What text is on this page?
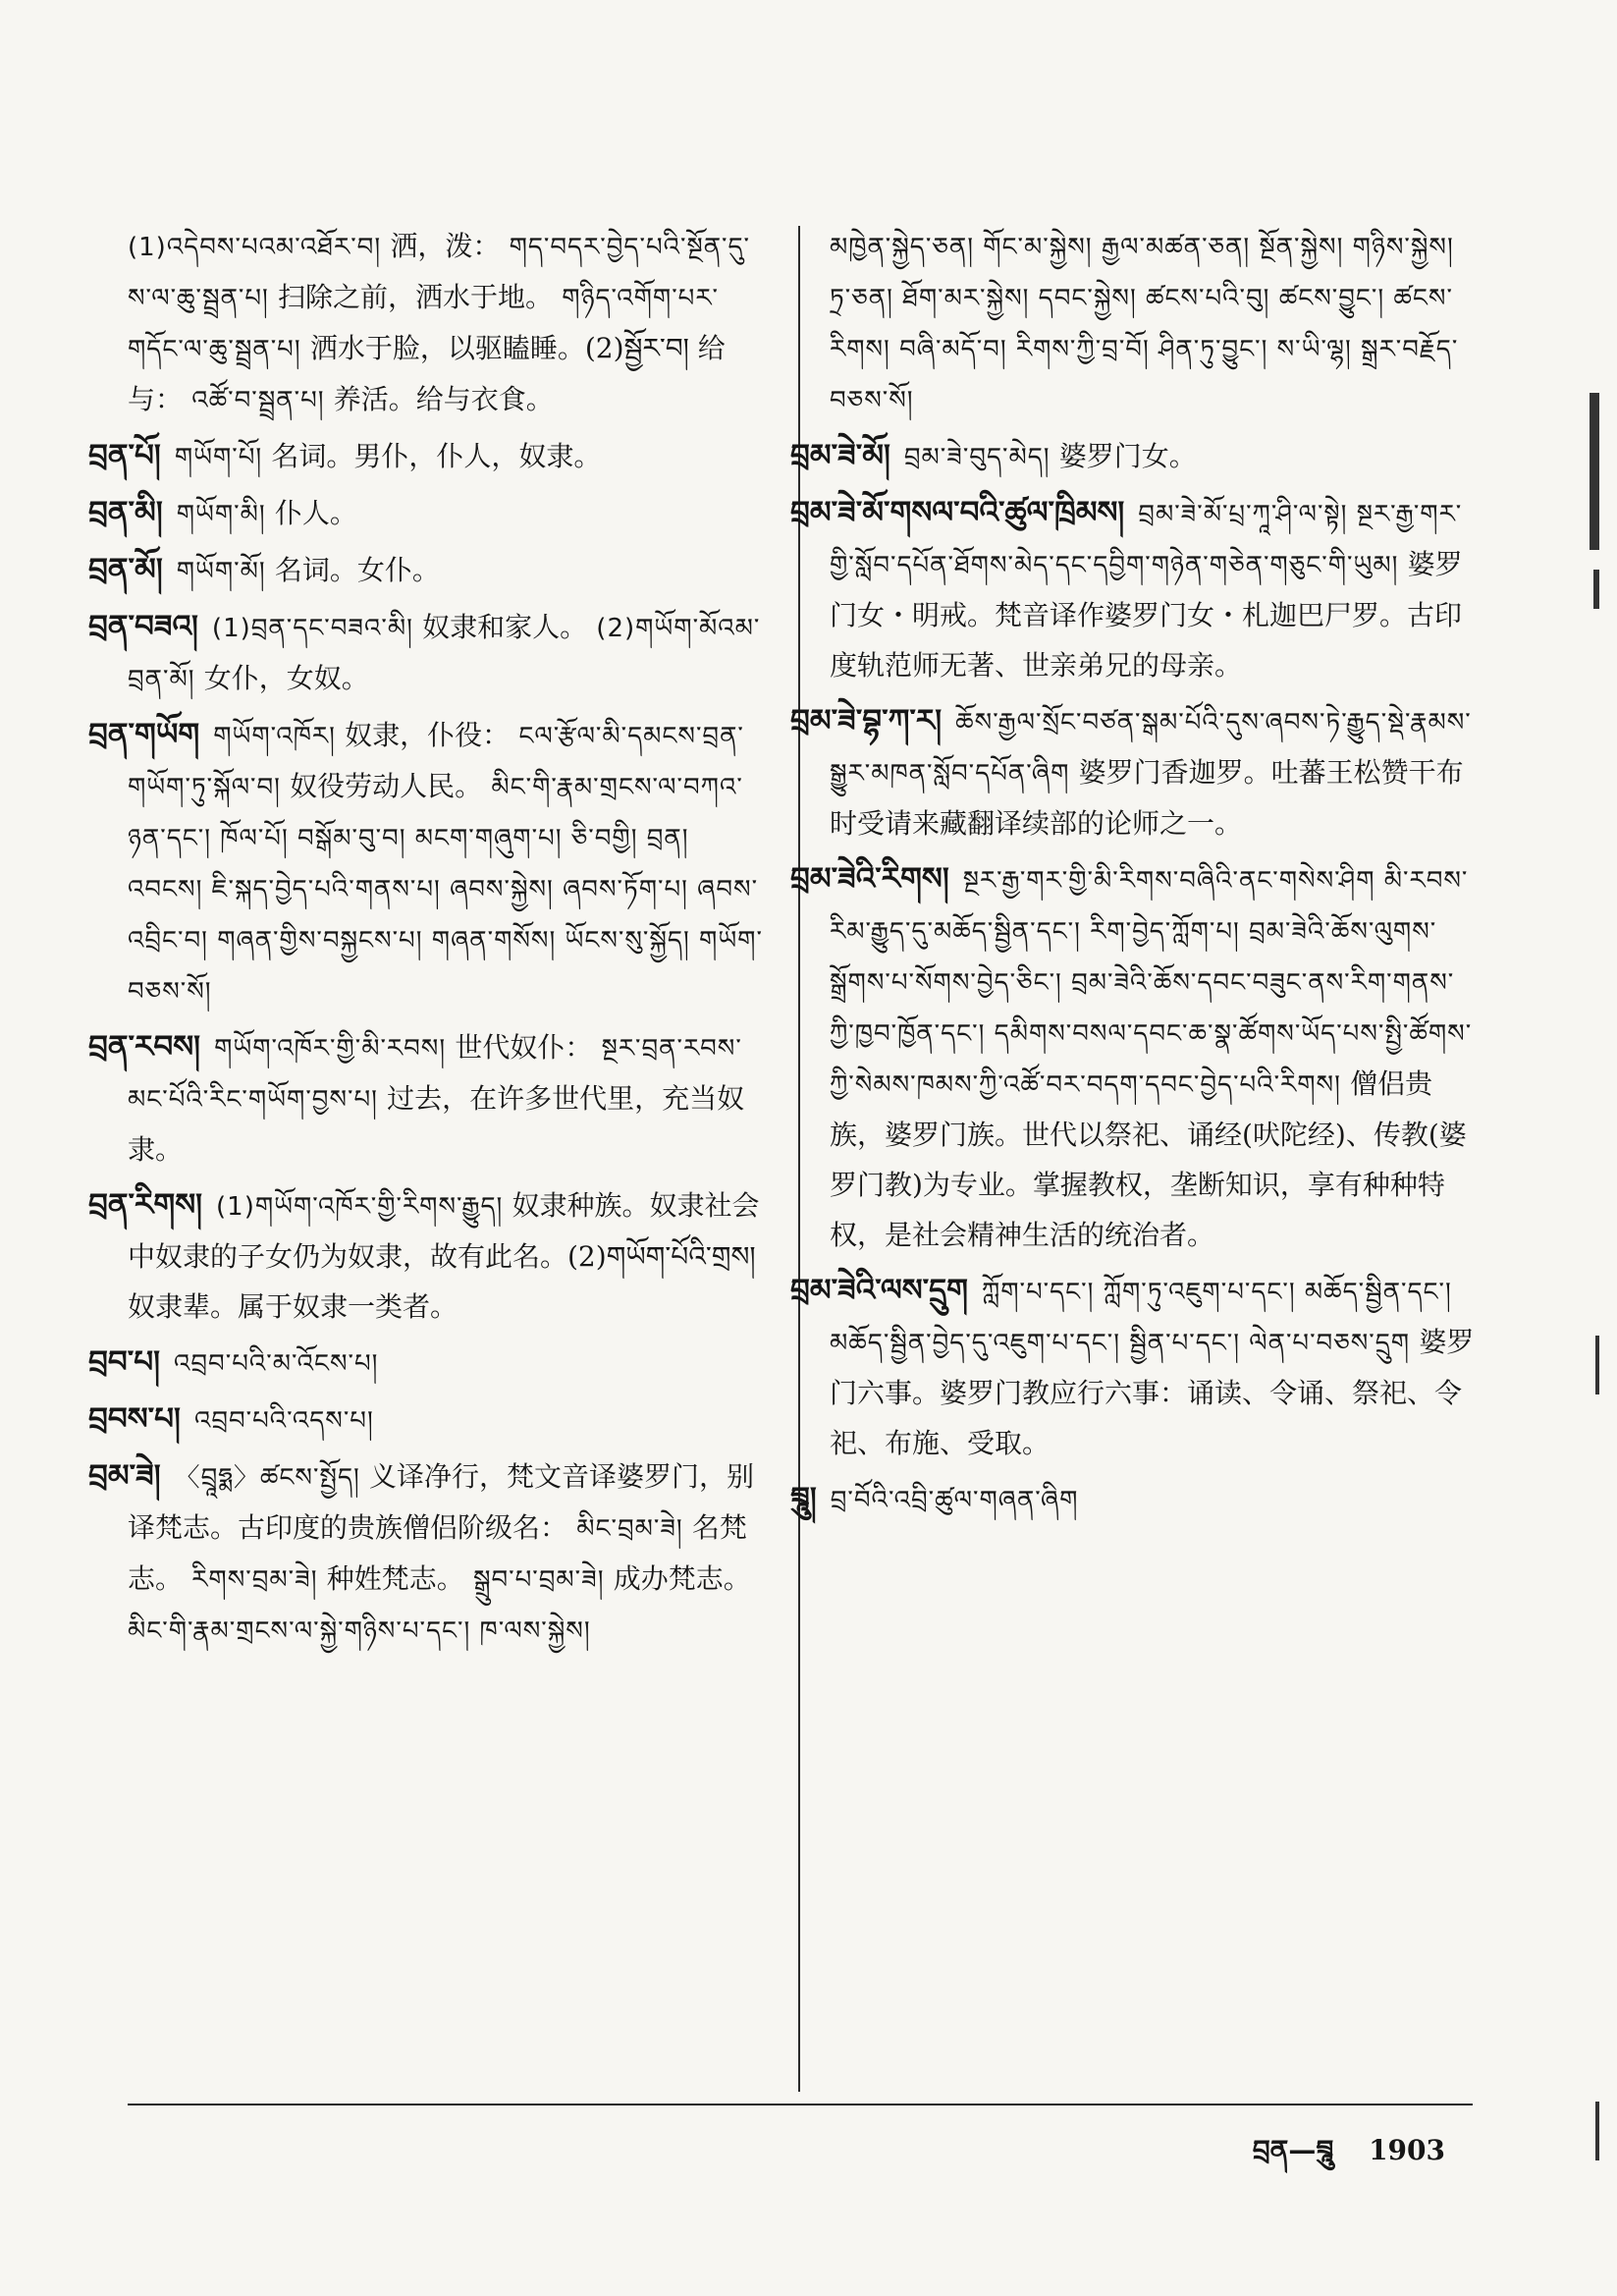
(1)འདེབས་པའམ་འཐོར་བ། 洒，泼： གད་བདར་བྱེད་པའི་སྔོན་དུ་ས་ལ་ཆུ་སྦྲན་པ། 扫除之前，洒水于地。 གཉིད་འགོག་པར་གདོང་ལ་ཆུ་སྦྲན་པ། 洒水于脸，以驱瞌睡。(2)སྦྱོར་བ། 给与： འཚོ་བ་སྦྲན་པ། 养活。给与衣食。
བྲན་པོ། གཡོག་པོ། 名词。男仆，仆人，奴隶。
བྲན་མི། གཡོག་མི། 仆人。
བྲན་མོ། གཡོག་མོ། 名词。女仆。
བྲན་བཟའ། (1)བྲན་དང་བཟའ་མི། 奴隶和家人。 (2)གཡོག་མོའམ་བྲན་མོ། 女仆，女奴。
བྲན་གཡོག གཡོག་འཁོར། 奴隶，仆役： ངལ་རྩོལ་མི་དམངས་བྲན་གཡོག་ཏུ་སྐོལ་བ། 奴役劳动人民。 མིང་གི་རྣམ་གྲངས་ལ་བཀའ་ཉན་དང་། ཁོལ་པོ། བསྒོམ་བུ་བ། མངག་གཞུག་པ། ཅི་བགྱི། བྲན། འབངས། ཇི་སྐད་བྱེད་པའི་གནས་པ། ཞབས་སྐྱེས། ཞབས་ཏོག་པ། ཞབས་འབྲིང་བ། གཞན་གྱིས་བསྐྱངས་པ། གཞན་གསོས། ཡོངས་སུ་སྐྱོད། གཡོག་བཅས་སོ།
བྲན་རབས། གཡོག་འཁོར་གྱི་མི་རབས། 世代奴仆： སྔར་བྲན་རབས་མང་པོའི་རིང་གཡོག་བྱས་པ། 过去，在许多世代里，充当奴隶。
བྲན་རིགས། (1)གཡོག་འཁོར་གྱི་རིགས་རྒྱུད། 奴隶种族。奴隶社会中奴隶的子女仍为奴隶，故有此名。(2)གཡོག་པོའི་གྲས། 奴隶辈。属于奴隶一类者。
བྲབ་པ། འབྲབ་པའི་མ་འོངས་པ།
བྲབས་པ། འབྲབ་པའི་འདས་པ།
བྲམ་ཟེ། 〈བྲཱཧྨ〉ཚངས་སྤྱོད། 义译净行，梵文音译婆罗门，别译梵志。古印度的贵族僧侣阶级名： མིང་བྲམ་ཟེ། 名梵志。 རིགས་བྲམ་ཟེ། 种姓梵志。 སྒྲུབ་པ་བྲམ་ཟེ། 成办梵志。 མིང་གི་རྣམ་གྲངས་ལ་སྐྱེ་གཉིས་པ་དང་། ཁ་ལས་སྐྱེས།
མཁྱེན་སྐྱེད་ཅན། གོང་མ་སྐྱེས། རྒྱལ་མཚན་ཅན། སྔོན་སྐྱེས། གཉིས་སྐྱེས། ཏྲ་ཅན། ཐོག་མར་སྐྱེས། དབང་སྐྱེས། ཚངས་པའི་བུ། ཚངས་བྱུང་། ཚངས་རིགས། བཞི་མདོ་བ། རིགས་ཀྱི་བྲ་བོ། ཤིན་ཏུ་བྱུང་། ས་ཡི་ལྷ། སྒྲར་བརྗོད་བཅས་སོ།
བྲམ་ཟེ་མོ། བྲམ་ཟེ་བུད་མེད། 婆罗门女。
བྲམ་ཟེ་མོ་གསལ་བའི་ཚུལ་ཁྲིམས། བྲམ་ཟེ་མོ་པྲ་ཀཱ་ཤི་ལ་སྟེ། སྔར་རྒྱ་གར་གྱི་སློབ་དཔོན་ཐོགས་མེད་དང་དབྱིག་གཉེན་གཅེན་གཅུང་གི་ཡུམ། 婆罗门女・明戒。梵音译作婆罗门女・札迦巴尸罗。古印度轨范师无著、世亲弟兄的母亲。
བྲམ་ཟེ་བྷ་ཀ་ར། ཆོས་རྒྱལ་སྲོང་བཙན་སྒམ་པོའི་དུས་ཞབས་ཏེ་རྒྱུད་སྡེ་རྣམས་སྒྱུར་མཁན་སློབ་དཔོན་ཞིག 婆罗门香迦罗。吐蕃王松赞干布时受请来藏翻译续部的论师之一。
བྲམ་ཟེའི་རིགས། སྔར་རྒྱ་གར་གྱི་མི་རིགས་བཞིའི་ནང་གསེས་ཤིག མི་རབས་རིམ་རྒྱུད་དུ་མཆོད་སྦྱིན་དང་། རིག་བྱེད་ཀློག་པ། བྲམ་ཟེའི་ཆོས་ལུགས་སྒྲོགས་པ་སོགས་བྱེད་ཅིང་། བྲམ་ཟེའི་ཆོས་དབང་བཟུང་ནས་རིག་གནས་ཀྱི་ཁྱབ་ཁྱོན་དང་། དམིགས་བསལ་དབང་ཆ་སྣ་ཚོགས་ཡོད་པས་སྤྱི་ཚོགས་ཀྱི་སེམས་ཁམས་ཀྱི་འཚོ་བར་བདག་དབང་བྱེད་པའི་རིགས། 僧侣贵族，婆罗门族。世代以祭祀、诵经(吠陀经)、传教(婆罗门教)为专业。掌握教权，垄断知识，享有种种特权，是社会精神生活的统治者。
བྲམ་ཟེའི་ལས་དྲུག ཀློག་པ་དང་། ཀློག་ཏུ་འཇུག་པ་དང་། མཆོད་སྦྱིན་དང་། མཆོད་སྦྱིན་བྱེད་དུ་འཇུག་པ་དང་། སྦྱིན་པ་དང་། ལེན་པ་བཅས་དྲུག 婆罗门六事。婆罗门教应行六事：诵读、令诵、祭祀、令祀、布施、受取。
བྲཱུ། བྲ་བོའི་འབྲི་ཚུལ་གཞན་ཞིག
བྲན—བྲཱུ 1903
